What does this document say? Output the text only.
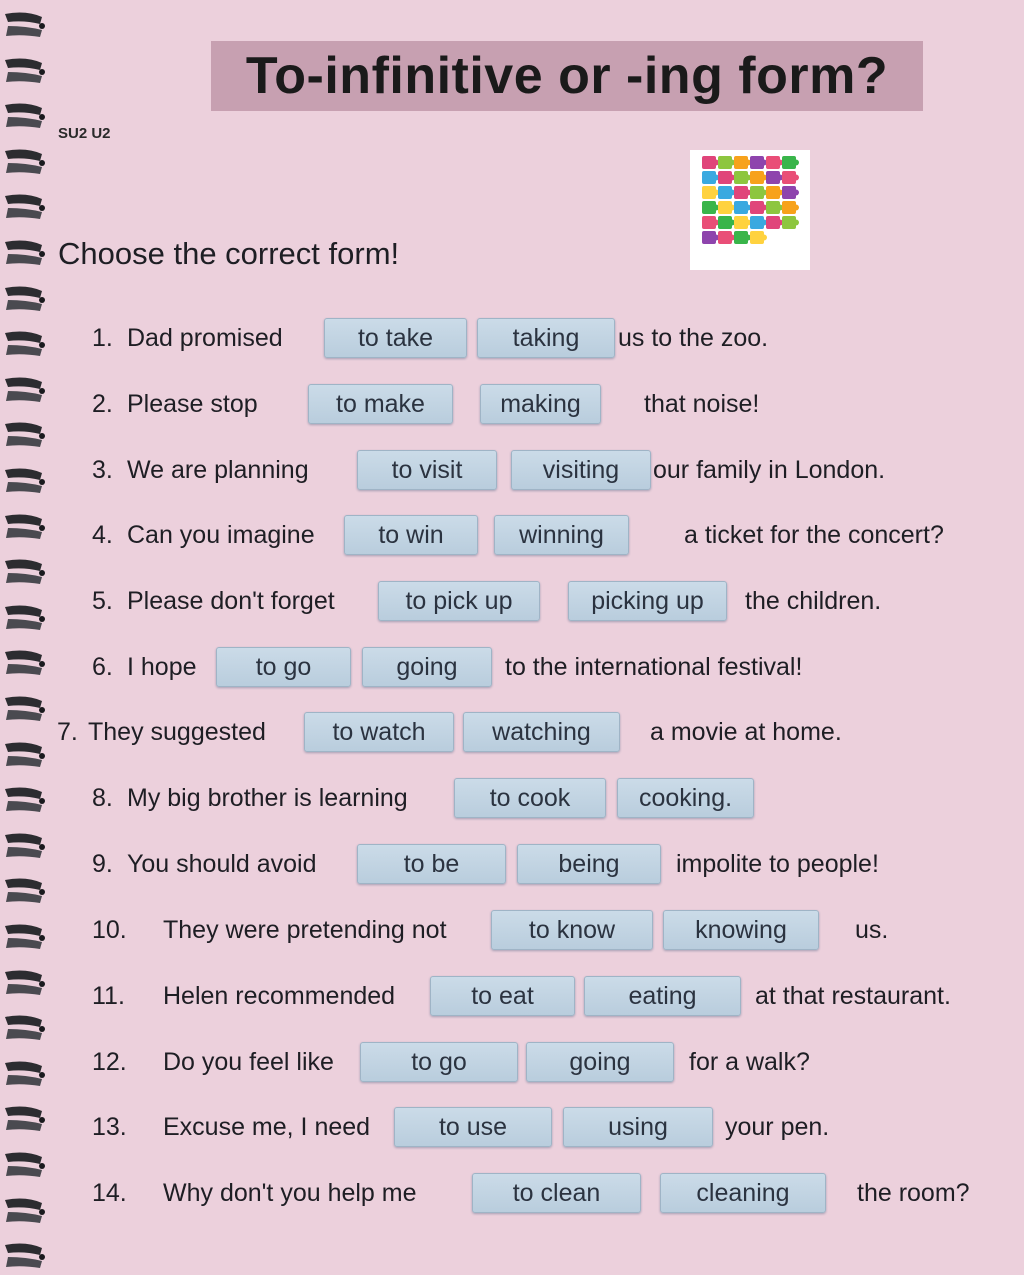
To-infinitive or -ing form?
SU2 U2
Choose the correct form!
1. Dad promised	to take	taking	us to the zoo.
2. Please stop	to make	making	that noise!
3. We are planning	to visit	visiting	our family in London.
4. Can you imagine	to win	winning	a ticket for the concert?
5. Please don't forget	to pick up	picking up	the children.
6. I hope	to go	going	to the international festival!
7. They suggested	to watch	watching	a movie at home.
8. My big brother is learning	to cook	cooking.
9. You should avoid	to be	being	impolite to people!
10. They were pretending not	to know	knowing	us.
11. Helen recommended	to eat	eating	at that restaurant.
12. Do you feel like	to go	going	for a walk?
13. Excuse me, I need	to use	using	your pen.
14. Why don't you help me	to clean	cleaning	the room?
